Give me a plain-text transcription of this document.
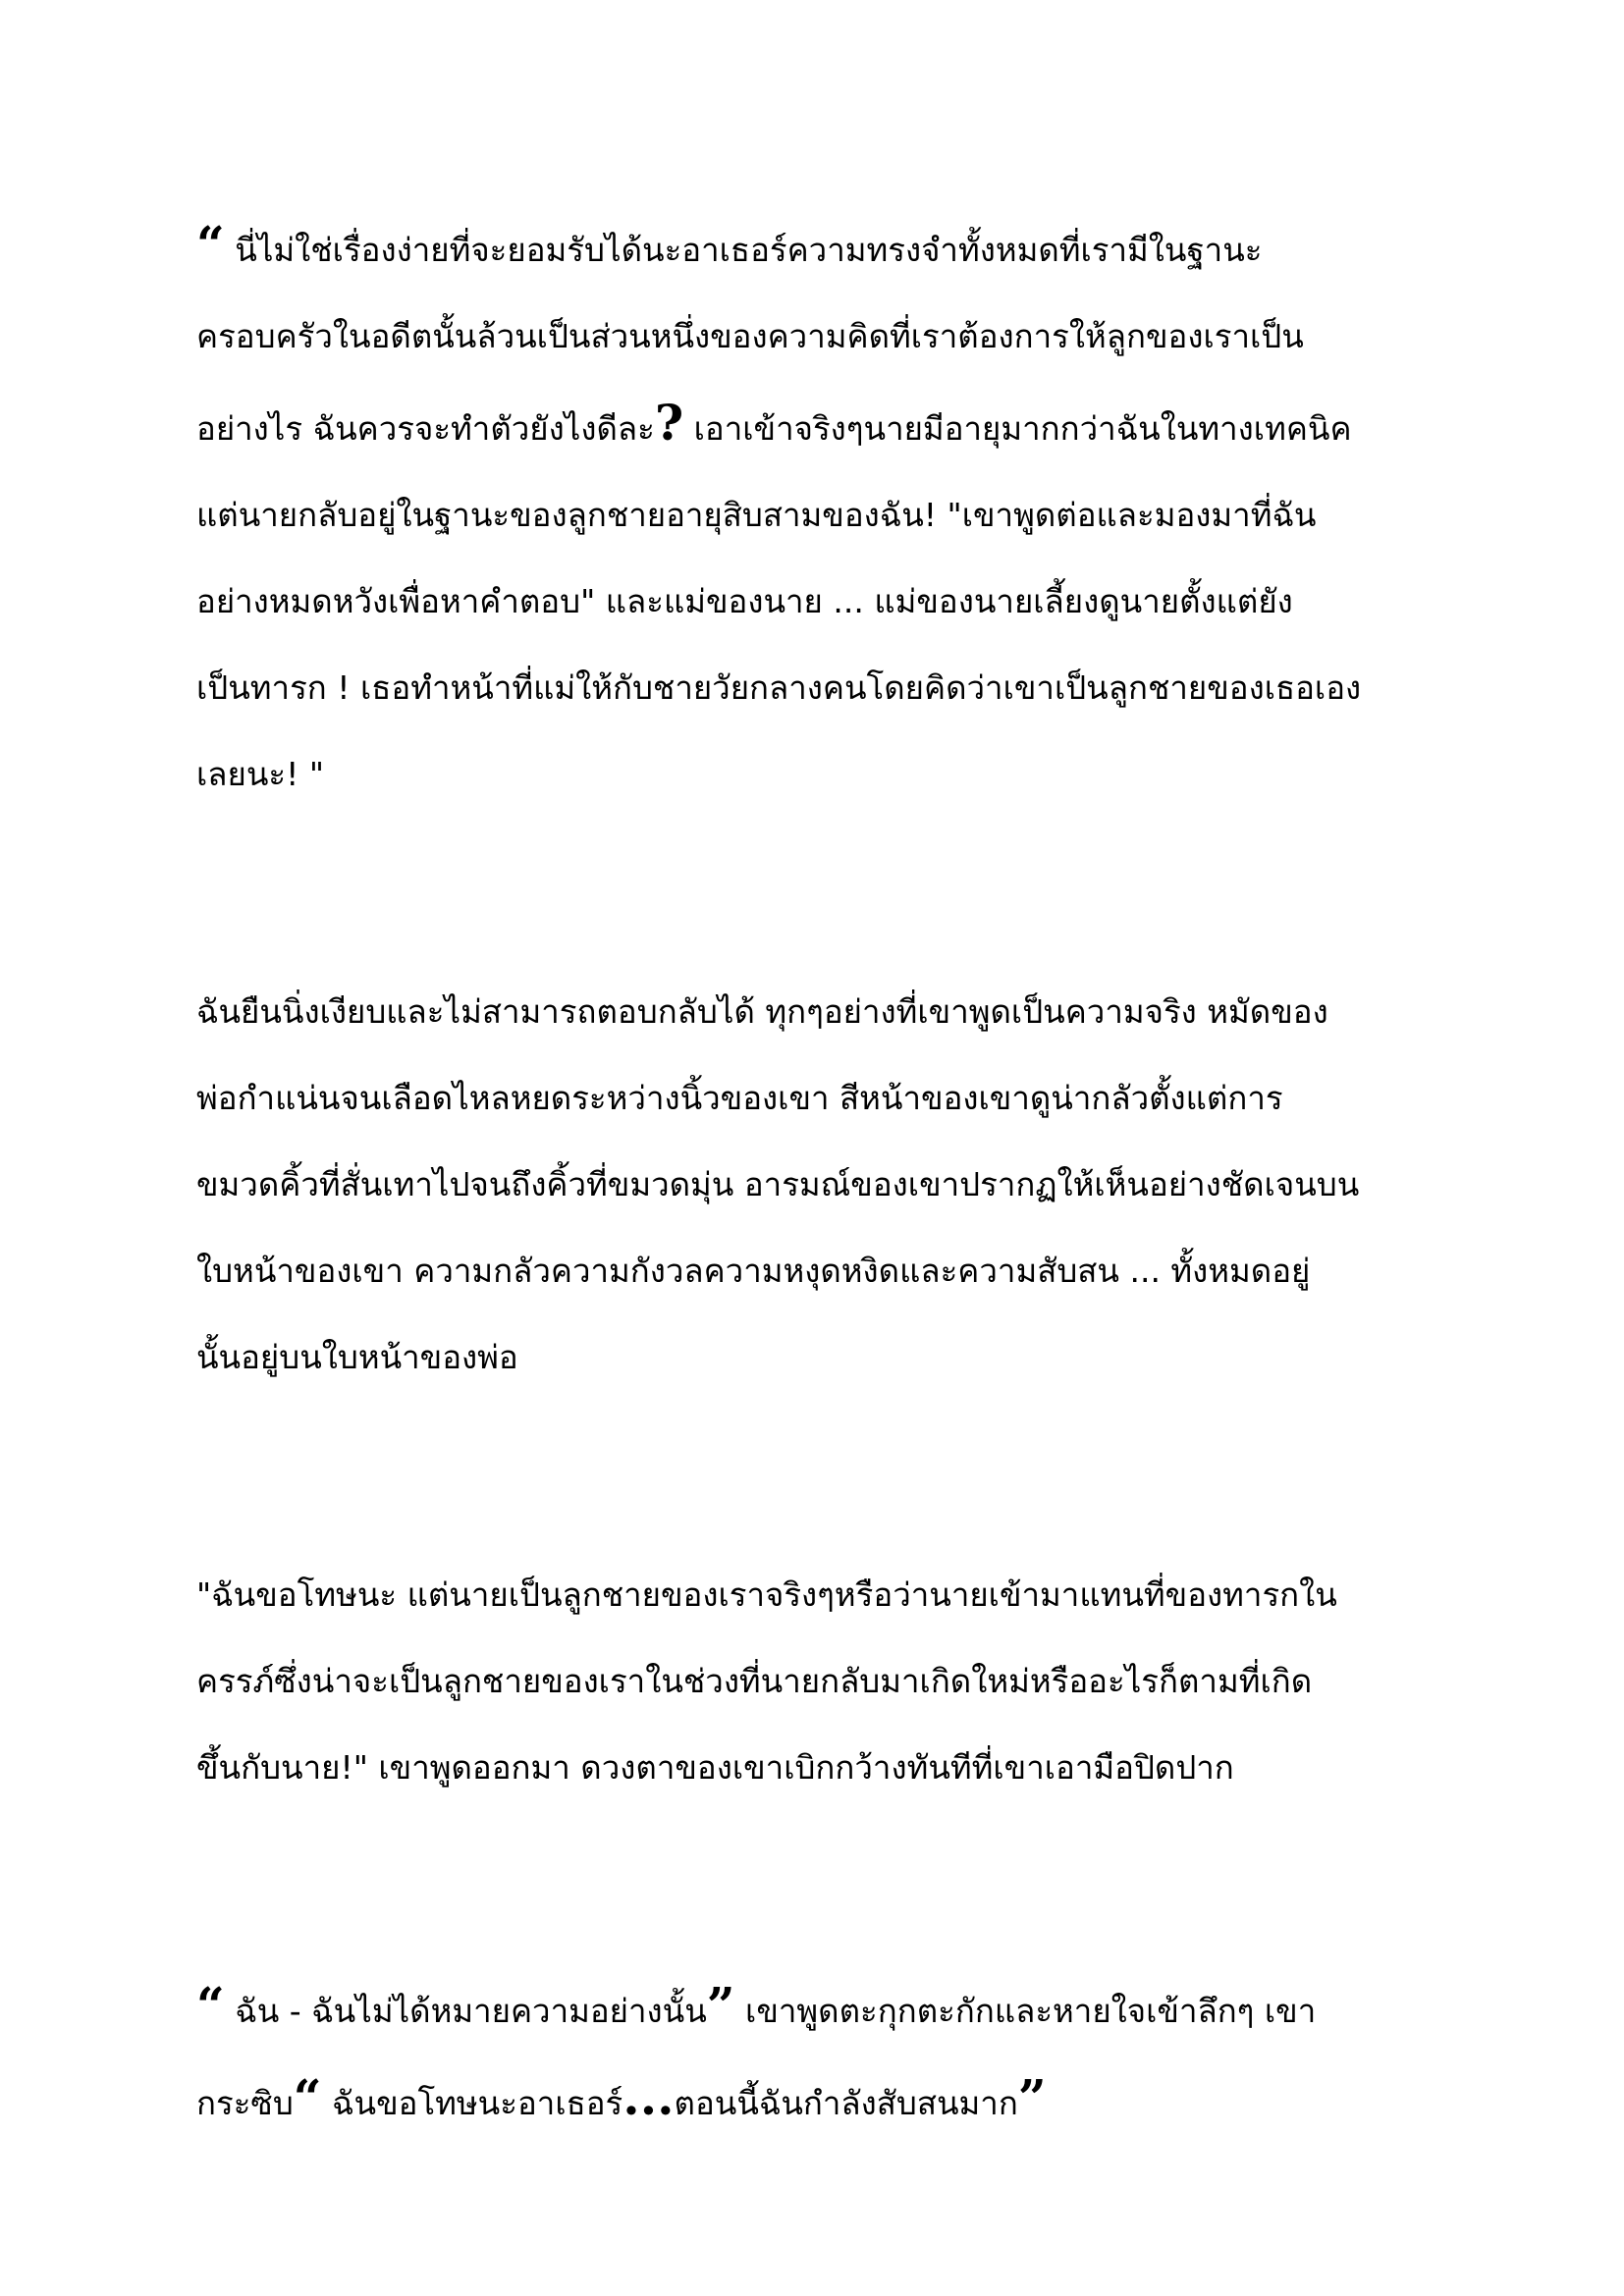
“ นี่ไม่ใช่เรื่องง่ายที่จะยอมรับได้นะอาเธอร์ความทรงจำทั้งหมดที่เรามีในฐานะ
ครอบครัวในอดีตนั้นล้วนเป็นส่วนหนึ่งของความคิดที่เราต้องการให้ลูกของเราเป็น
อย่างไร ฉันควรจะทำตัวยังไงดีละ? เอาเข้าจริงๆนายมีอายุมากกว่าฉันในทางเทคนิค
แต่นายกลับอยู่ในฐานะของลูกชายอายุสิบสามของฉัน! "เขาพูดต่อและมองมาที่ฉัน
อย่างหมดหวังเพื่อหาคำตอบ" และแม่ของนาย ... แม่ของนายเลี้ยงดูนายตั้งแต่ยัง
เป็นทารก ! เธอทำหน้าที่แม่ให้กับชายวัยกลางคนโดยคิดว่าเขาเป็นลูกชายของเธอเอง
เลยนะ! "

ฉันยืนนิ่งเงียบและไม่สามารถตอบกลับได้ ทุกๆอย่างที่เขาพูดเป็นความจริง หมัดของ
พ่อกำแน่นจนเลือดไหลหยดระหว่างนิ้วของเขา สีหน้าของเขาดูน่ากลัวตั้งแต่การ
ขมวดคิ้วที่สั่นเทาไปจนถึงคิ้วที่ขมวดมุ่น อารมณ์ของเขาปรากฏให้เห็นอย่างชัดเจนบน
ใบหน้าของเขา ความกลัวความกังวลความหงุดหงิดและความสับสน ... ทั้งหมดอยู่
นั้นอยู่บนใบหน้าของพ่อ

"ฉันขอโทษนะ แต่นายเป็นลูกชายของเราจริงๆหรือว่านายเข้ามาแทนที่ของทารกใน
ครรภ์ซึ่งน่าจะเป็นลูกชายของเราในช่วงที่นายกลับมาเกิดใหม่หรืออะไรก็ตามที่เกิด
ขึ้นกับนาย!" เขาพูดออกมา ดวงตาของเขาเบิกกว้างทันทีที่เขาเอามือปิดปาก

“ ฉัน - ฉันไม่ได้หมายความอย่างนั้น” เขาพูดตะกุกตะกักและหายใจเข้าลึกๆ เขา
กระซิบ“ ฉันขอโทษนะอาเธอร์...ตอนนี้ฉันกำลังสับสนมาก”
